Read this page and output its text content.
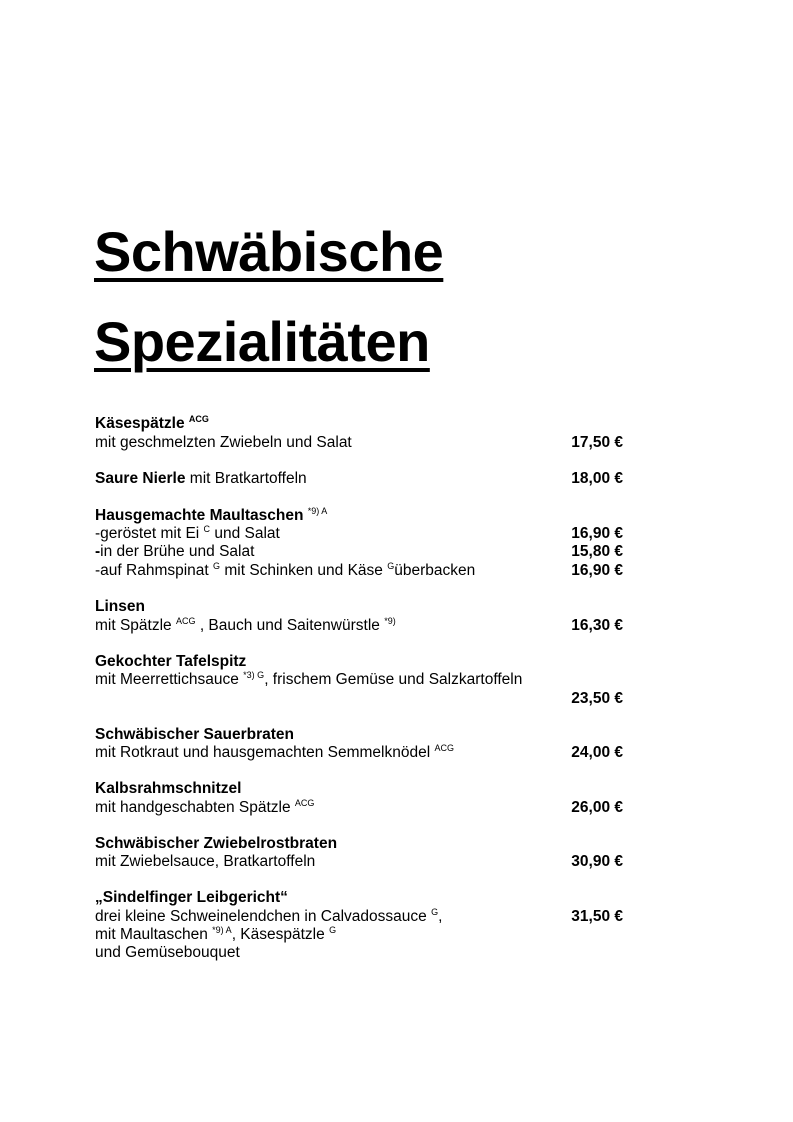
Schwäbische
Spezialitäten
Käsespätzle $^{ACG}$
mit geschmelzten Zwiebeln und Salat	17,50 €
Saure Nierle mit Bratkartoffeln	18,00 €
Hausgemachte Maultaschen $^{*9) A}$
-geröstet mit Ei $^C$ und Salat	16,90 €
-in der Brühe und Salat	15,80 €
-auf Rahmspinat $^G$ mit Schinken und Käse $^G$überbacken	16,90 €
Linsen
mit Spätzle $^{ACG}$ , Bauch und Saitenwürstle $^{*9)}$	16,30 €
Gekochter Tafelspitz
mit Meerrettichsauce $^{*3) G}$, frischem Gemüse und Salzkartoffeln
23,50 €
Schwäbischer Sauerbraten
mit Rotkraut und hausgemachten Semmelknödel $^{ACG}$	24,00 €
Kalbsrahmschnitzel
mit handgeschabten Spätzle $^{ACG}$	26,00 €
Schwäbischer Zwiebelrostbraten
mit Zwiebelsauce, Bratkartoffeln	30,90 €
„Sindelfinger Leibgericht“
drei kleine Schweinelendchen in Calvadossauce $^G$,	31,50 €
mit Maultaschen $^{*9) A}$, Käsespätzle $^G$
und Gemüsebouquet
